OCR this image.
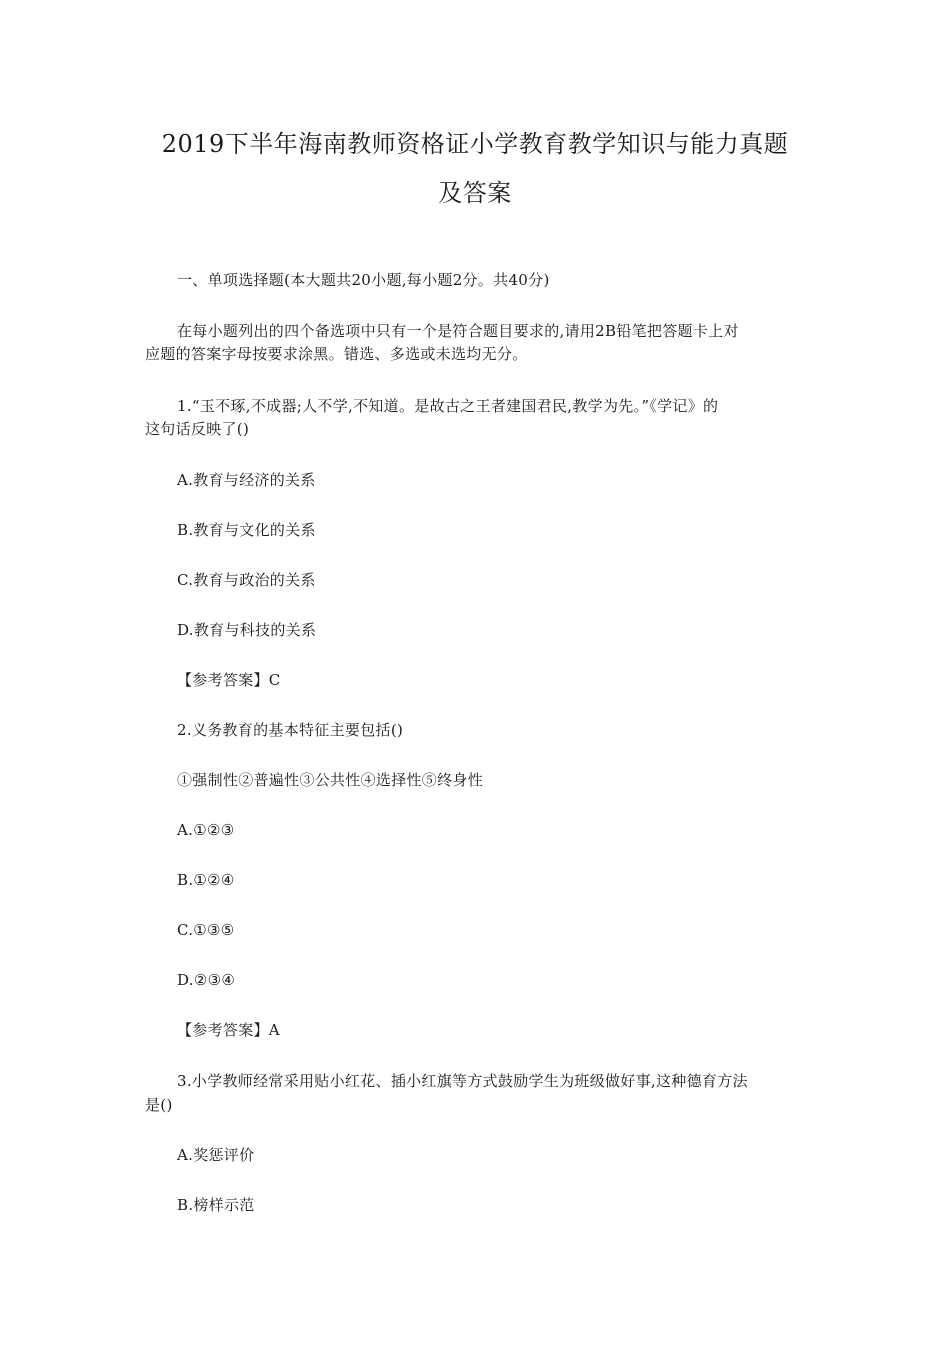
2019下半年海南教师资格证小学教育教学知识与能力真题
及答案
一、单项选择题(本大题共20小题,每小题2分。共40分)
在每小题列出的四个备选项中只有一个是符合题目要求的,请用2B铅笔把答题卡上对
应题的答案字母按要求涂黑。错选、多选或未选均无分。
1.“玉不琢,不成器;人不学,不知道。是故古之王者建国君民,教学为先。”《学记》的
这句话反映了()
A.教育与经济的关系
B.教育与文化的关系
C.教育与政治的关系
D.教育与科技的关系
【参考答案】C
2.义务教育的基本特征主要包括()
①强制性②普遍性③公共性④选择性⑤终身性
A.①②③
B.①②④
C.①③⑤
D.②③④
【参考答案】A
3.小学教师经常采用贴小红花、插小红旗等方式鼓励学生为班级做好事,这种德育方法
是()
A.奖惩评价
B.榜样示范
